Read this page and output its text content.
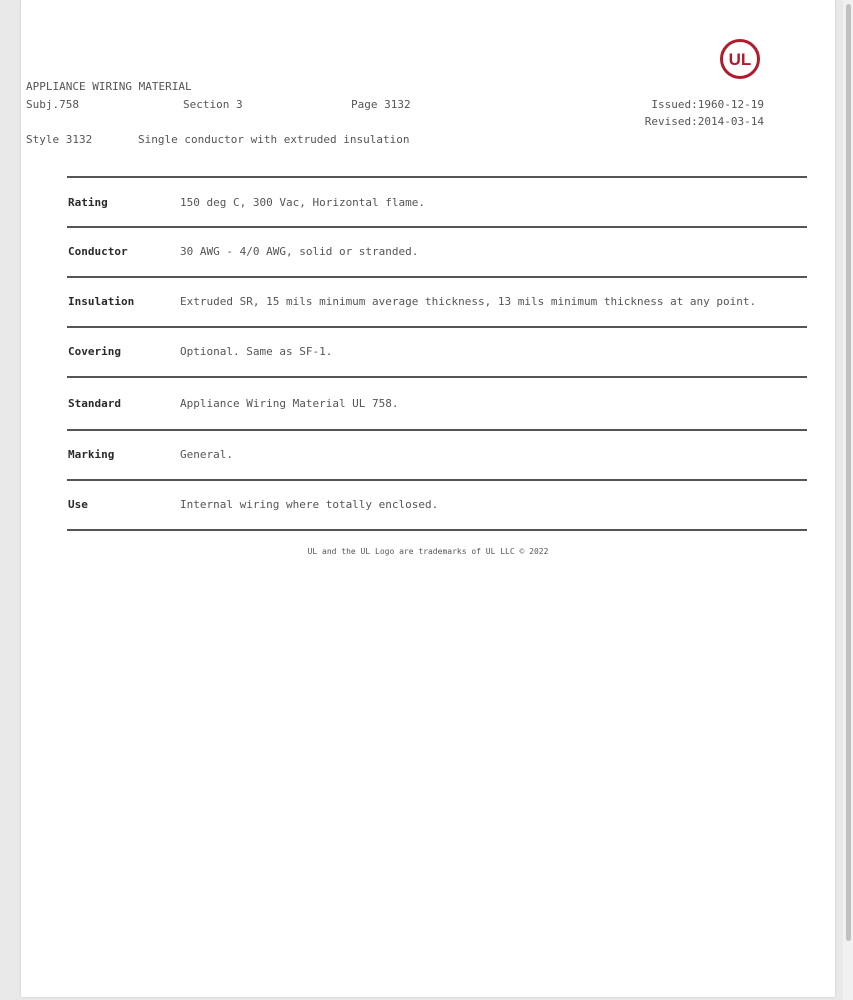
UL
APPLIANCE WIRING MATERIAL
Subj.758	Section 3	Page 3132	Issued:1960-12-19
Revised:2014-03-14
Style 3132	Single conductor with extruded insulation
Rating	150 deg C, 300 Vac, Horizontal flame.
Conductor	30 AWG - 4/0 AWG, solid or stranded.
Insulation	Extruded SR, 15 mils minimum average thickness, 13 mils minimum thickness at any point.
Covering	Optional. Same as SF-1.
Standard	Appliance Wiring Material UL 758.
Marking	General.
Use	Internal wiring where totally enclosed.
UL and the UL Logo are trademarks of UL LLC © 2022
